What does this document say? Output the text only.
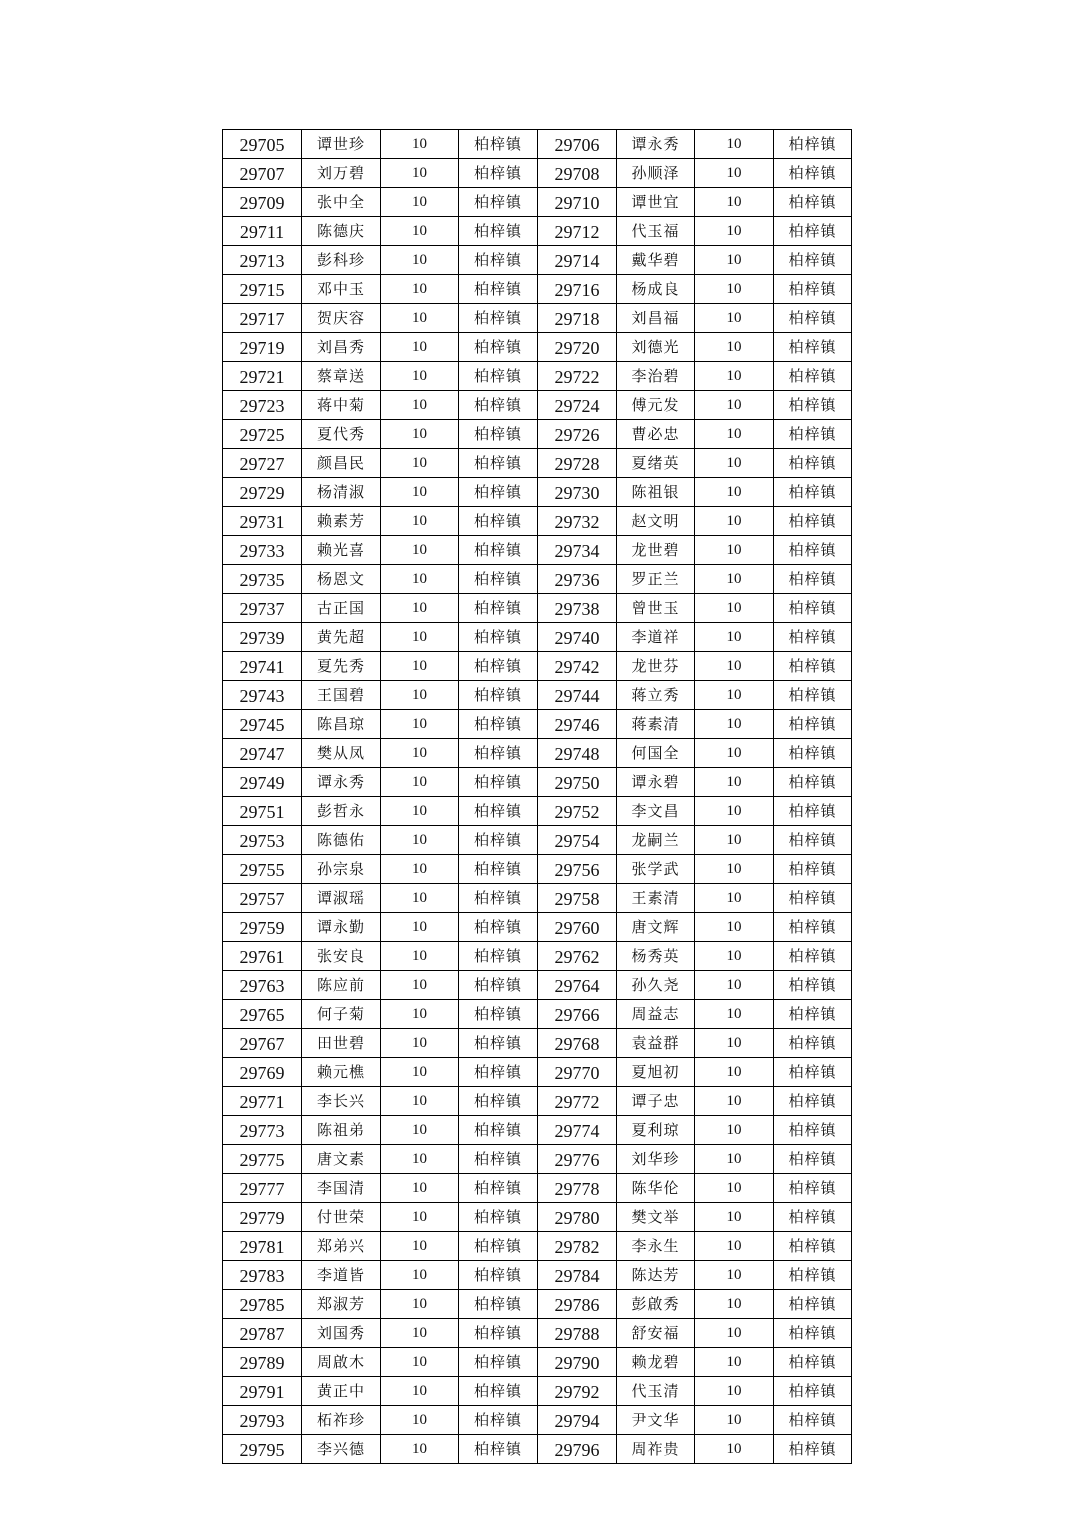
29705	谭世珍	10	柏梓镇	29706	谭永秀	10	柏梓镇
29707	刘万碧	10	柏梓镇	29708	孙顺泽	10	柏梓镇
29709	张中全	10	柏梓镇	29710	谭世宜	10	柏梓镇
29711	陈德庆	10	柏梓镇	29712	代玉福	10	柏梓镇
29713	彭科珍	10	柏梓镇	29714	戴华碧	10	柏梓镇
29715	邓中玉	10	柏梓镇	29716	杨成良	10	柏梓镇
29717	贺庆容	10	柏梓镇	29718	刘昌福	10	柏梓镇
29719	刘昌秀	10	柏梓镇	29720	刘德光	10	柏梓镇
29721	蔡章送	10	柏梓镇	29722	李治碧	10	柏梓镇
29723	蒋中菊	10	柏梓镇	29724	傅元发	10	柏梓镇
29725	夏代秀	10	柏梓镇	29726	曹必忠	10	柏梓镇
29727	颜昌民	10	柏梓镇	29728	夏绪英	10	柏梓镇
29729	杨清淑	10	柏梓镇	29730	陈祖银	10	柏梓镇
29731	赖素芳	10	柏梓镇	29732	赵文明	10	柏梓镇
29733	赖光喜	10	柏梓镇	29734	龙世碧	10	柏梓镇
29735	杨恩文	10	柏梓镇	29736	罗正兰	10	柏梓镇
29737	古正国	10	柏梓镇	29738	曾世玉	10	柏梓镇
29739	黄先超	10	柏梓镇	29740	李道祥	10	柏梓镇
29741	夏先秀	10	柏梓镇	29742	龙世芬	10	柏梓镇
29743	王国碧	10	柏梓镇	29744	蒋立秀	10	柏梓镇
29745	陈昌琼	10	柏梓镇	29746	蒋素清	10	柏梓镇
29747	樊从凤	10	柏梓镇	29748	何国全	10	柏梓镇
29749	谭永秀	10	柏梓镇	29750	谭永碧	10	柏梓镇
29751	彭哲永	10	柏梓镇	29752	李文昌	10	柏梓镇
29753	陈德佑	10	柏梓镇	29754	龙嗣兰	10	柏梓镇
29755	孙宗泉	10	柏梓镇	29756	张学武	10	柏梓镇
29757	谭淑瑶	10	柏梓镇	29758	王素清	10	柏梓镇
29759	谭永勤	10	柏梓镇	29760	唐文辉	10	柏梓镇
29761	张安良	10	柏梓镇	29762	杨秀英	10	柏梓镇
29763	陈应前	10	柏梓镇	29764	孙久尧	10	柏梓镇
29765	何子菊	10	柏梓镇	29766	周益志	10	柏梓镇
29767	田世碧	10	柏梓镇	29768	袁益群	10	柏梓镇
29769	赖元樵	10	柏梓镇	29770	夏旭初	10	柏梓镇
29771	李长兴	10	柏梓镇	29772	谭子忠	10	柏梓镇
29773	陈祖弟	10	柏梓镇	29774	夏利琼	10	柏梓镇
29775	唐文素	10	柏梓镇	29776	刘华珍	10	柏梓镇
29777	李国清	10	柏梓镇	29778	陈华伦	10	柏梓镇
29779	付世荣	10	柏梓镇	29780	樊文举	10	柏梓镇
29781	郑弟兴	10	柏梓镇	29782	李永生	10	柏梓镇
29783	李道皆	10	柏梓镇	29784	陈达芳	10	柏梓镇
29785	郑淑芳	10	柏梓镇	29786	彭啟秀	10	柏梓镇
29787	刘国秀	10	柏梓镇	29788	舒安福	10	柏梓镇
29789	周啟木	10	柏梓镇	29790	赖龙碧	10	柏梓镇
29791	黄正中	10	柏梓镇	29792	代玉清	10	柏梓镇
29793	柘祚珍	10	柏梓镇	29794	尹文华	10	柏梓镇
29795	李兴德	10	柏梓镇	29796	周祚贵	10	柏梓镇
